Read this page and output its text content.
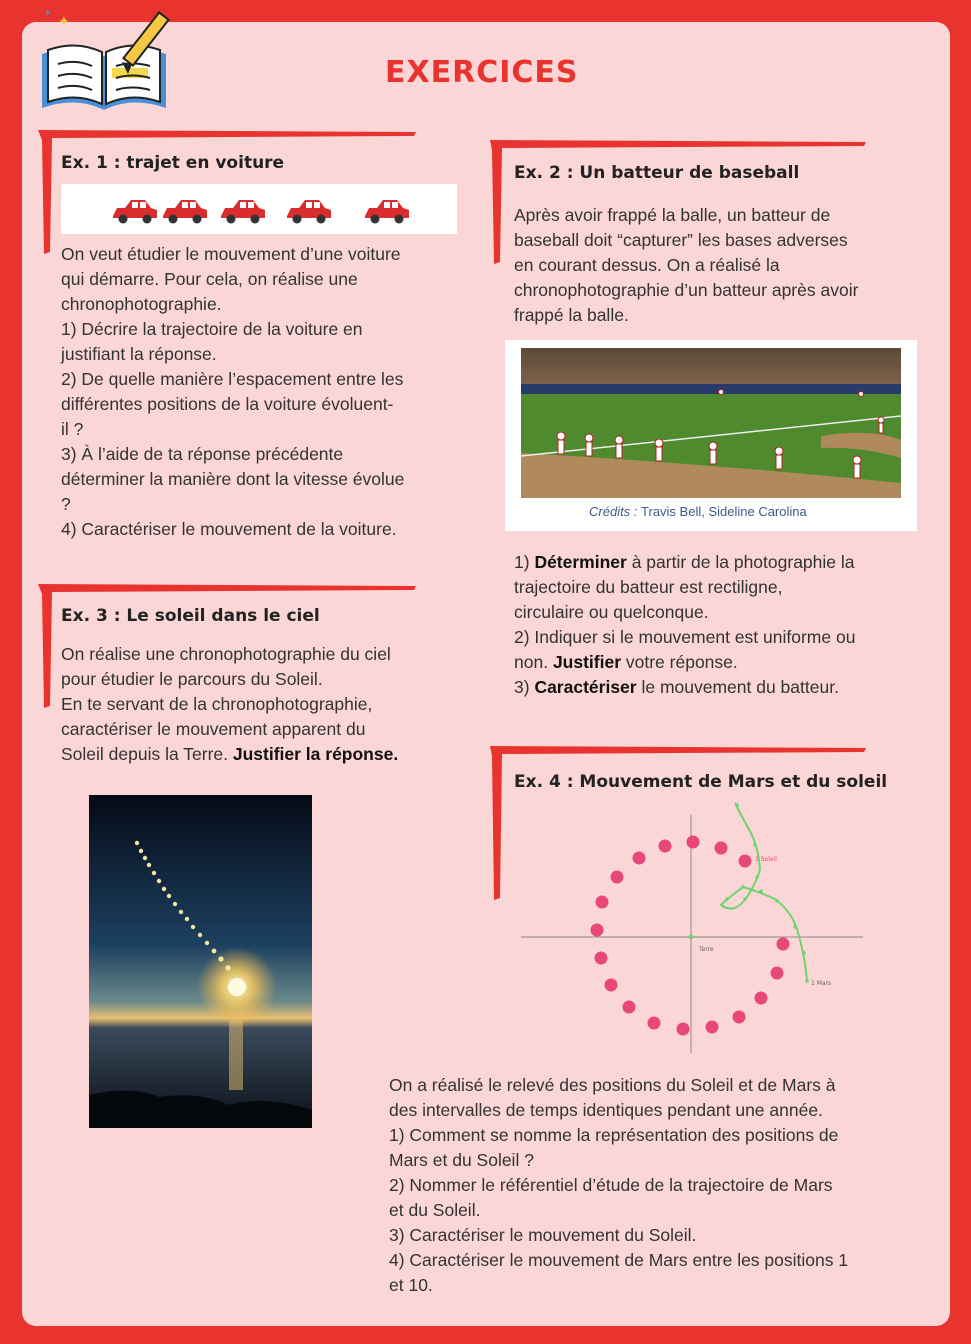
✦
✦
EXERCICES
Ex. 1 : trajet en voiture

On veut étudier le mouvement d’une voiture

qui démarre. Pour cela, on réalise une

chronophotographie.

1) Décrire la trajectoire de la voiture en

justifiant la réponse.

2) De quelle manière l’espacement entre les

différentes positions de la voiture évoluent-

il ?

3) À l’aide de ta réponse précédente

déterminer la manière dont la vitesse évolue

?

4) Caractériser le mouvement de la voiture.

Ex. 2 : Un batteur de baseball

Après avoir frappé la balle, un batteur de

baseball doit “capturer” les bases adverses

en courant dessus. On a réalisé la

chronophotographie d’un batteur après avoir

frappé la balle.

Crédits : Travis Bell, Sideline Carolina

1) Déterminer à partir de la photographie la

trajectoire du batteur est rectiligne,

circulaire ou quelconque.

2) Indiquer si le mouvement est uniforme ou

non. Justifier votre réponse.

3) Caractériser le mouvement du batteur.

Ex. 3 : Le soleil dans le ciel

On réalise une chronophotographie du ciel

pour étudier le parcours du Soleil.

En te servant de la chronophotographie,

caractériser le mouvement apparent du

Soleil depuis la Terre. Justifier la réponse.

Ex. 4 : Mouvement de Mars et du soleil
Terre
1 Soleil
1 Mars

On a réalisé le relevé des positions du Soleil et de Mars à

des intervalles de temps identiques pendant une année.

1) Comment se nomme la représentation des positions de

Mars et du Soleil ?

2) Nommer le référentiel d’étude de la trajectoire de Mars

et du Soleil.

3) Caractériser le mouvement du Soleil.

4) Caractériser le mouvement de Mars entre les positions 1

et 10.
